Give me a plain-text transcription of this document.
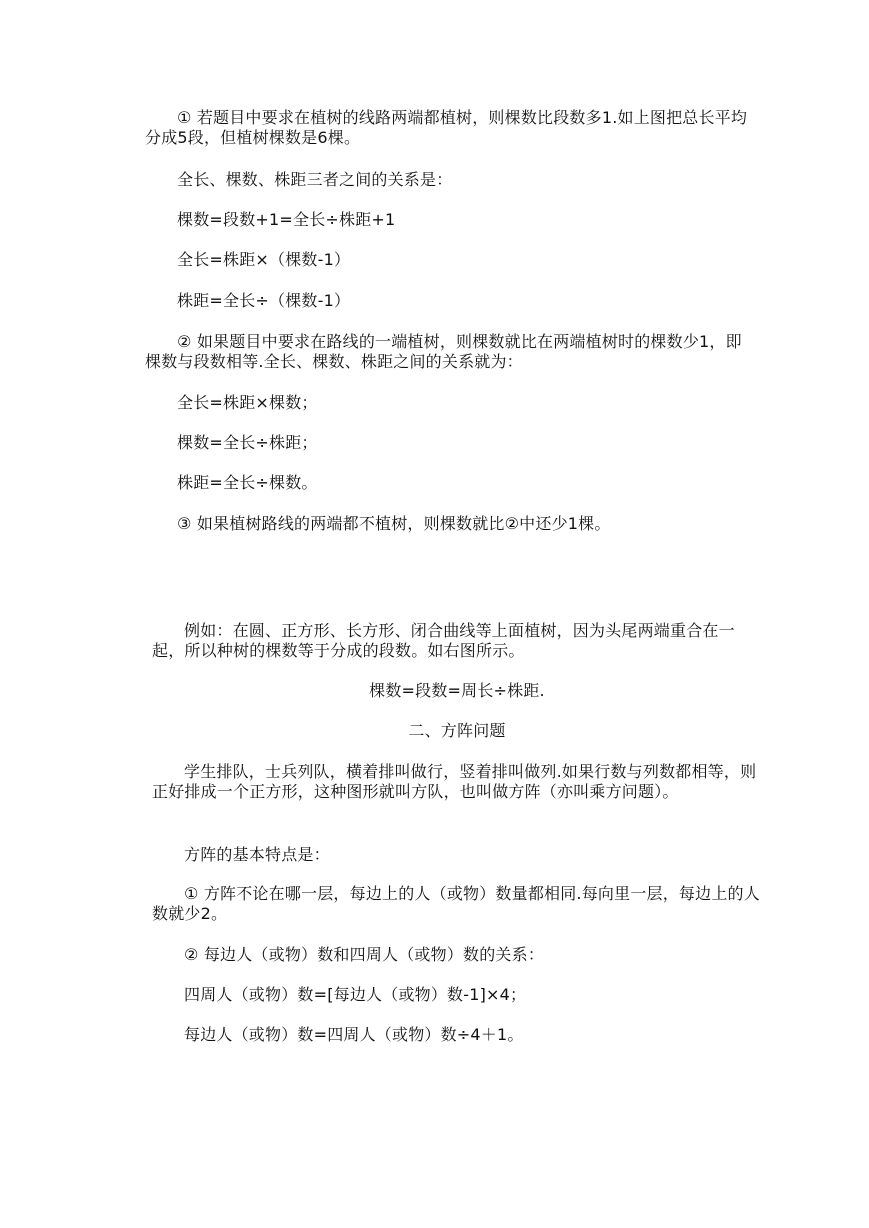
① 若题目中要求在植树的线路两端都植树，则棵数比段数多1.如上图把总长平均分成5段，但植树棵数是6棵。

全长、棵数、株距三者之间的关系是：

棵数=段数+1=全长÷株距+1

全长=株距×（棵数-1）

株距=全长÷（棵数-1）

② 如果题目中要求在路线的一端植树，则棵数就比在两端植树时的棵数少1，即棵数与段数相等.全长、棵数、株距之间的关系就为：

全长=株距×棵数；

棵数=全长÷株距；

株距=全长÷棵数。

③ 如果植树路线的两端都不植树，则棵数就比②中还少1棵。

例如：在圆、正方形、长方形、闭合曲线等上面植树，因为头尾两端重合在一起，所以种树的棵数等于分成的段数。如右图所示。

棵数=段数=周长÷株距.

二、方阵问题

学生排队，士兵列队，横着排叫做行，竖着排叫做列.如果行数与列数都相等，则正好排成一个正方形，这种图形就叫方队，也叫做方阵（亦叫乘方问题）。

方阵的基本特点是：

① 方阵不论在哪一层，每边上的人（或物）数量都相同.每向里一层，每边上的人数就少2。

② 每边人（或物）数和四周人（或物）数的关系：

四周人（或物）数=[每边人（或物）数-1]×4；

每边人（或物）数=四周人（或物）数÷4＋1。
